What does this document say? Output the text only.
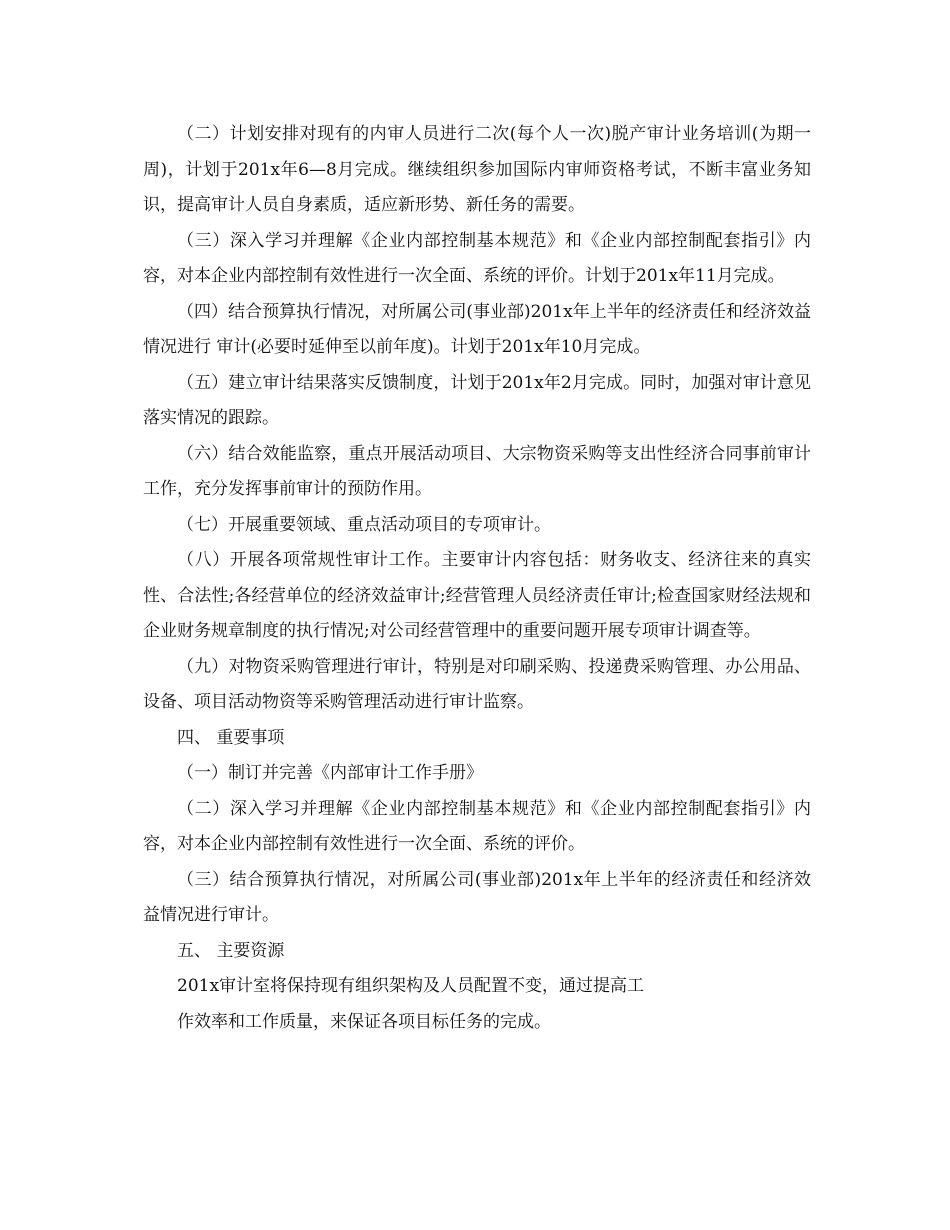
（二）计划安排对现有的内审人员进行二次(每个人一次)脱产审计业务培训(为期一周)，计划于201x年6—8月完成。继续组织参加国际内审师资格考试，不断丰富业务知识，提高审计人员自身素质，适应新形势、新任务的需要。

（三）深入学习并理解《企业内部控制基本规范》和《企业内部控制配套指引》内容，对本企业内部控制有效性进行一次全面、系统的评价。计划于201x年11月完成。

（四）结合预算执行情况，对所属公司(事业部)201x年上半年的经济责任和经济效益情况进行 审计(必要时延伸至以前年度)。计划于201x年10月完成。

（五）建立审计结果落实反馈制度，计划于201x年2月完成。同时，加强对审计意见落实情况的跟踪。

（六）结合效能监察，重点开展活动项目、大宗物资采购等支出性经济合同事前审计工作，充分发挥事前审计的预防作用。

（七）开展重要领域、重点活动项目的专项审计。

（八）开展各项常规性审计工作。主要审计内容包括：财务收支、经济往来的真实性、合法性;各经营单位的经济效益审计;经营管理人员经济责任审计;检查国家财经法规和企业财务规章制度的执行情况;对公司经营管理中的重要问题开展专项审计调查等。

（九）对物资采购管理进行审计，特别是对印刷采购、投递费采购管理、办公用品、设备、项目活动物资等采购管理活动进行审计监察。

四、 重要事项

（一）制订并完善《内部审计工作手册》

（二）深入学习并理解《企业内部控制基本规范》和《企业内部控制配套指引》内容，对本企业内部控制有效性进行一次全面、系统的评价。

（三）结合预算执行情况，对所属公司(事业部)201x年上半年的经济责任和经济效 益情况进行审计。

五、 主要资源

201x审计室将保持现有组织架构及人员配置不变，通过提高工

作效率和工作质量，来保证各项目标任务的完成。
